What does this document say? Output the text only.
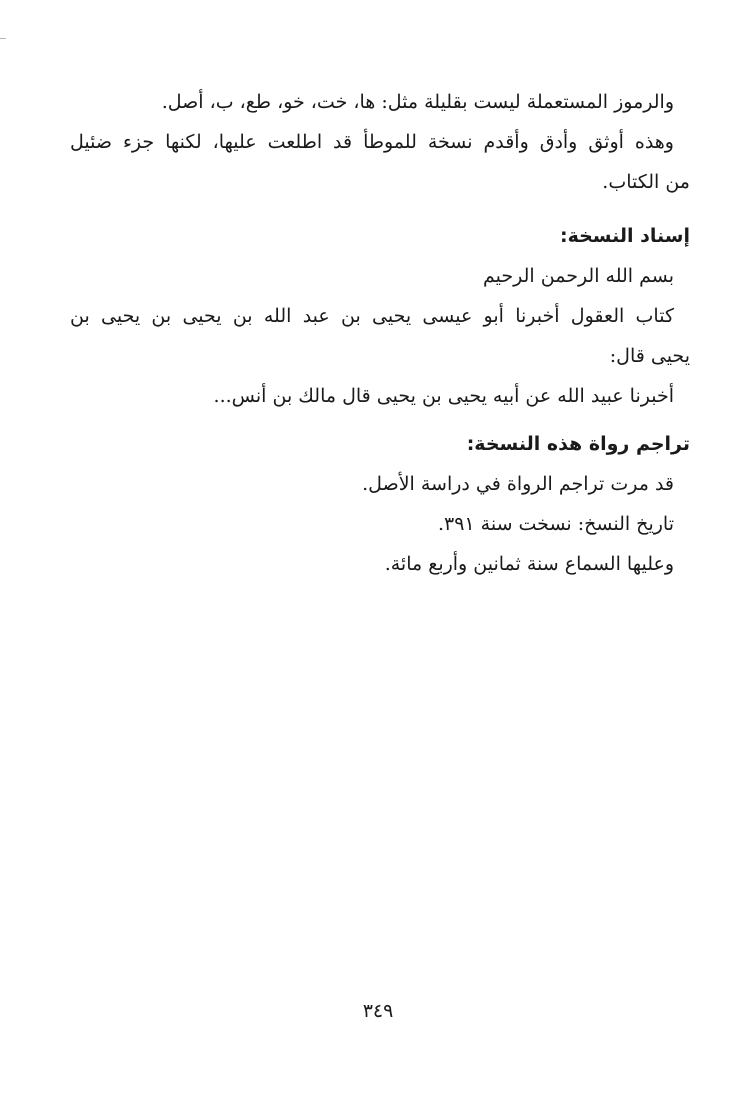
والرموز المستعملة ليست بقليلة مثل: ها، خت، خو، طع، ب، أصل.
وهذه أوثق وأدق وأقدم نسخة للموطأ قد اطلعت عليها، لكنها جزء ضئيل
من الكتاب.
إسناد النسخة:
بسم الله الرحمن الرحيم
كتاب العقول أخبرنا أبو عيسى يحيى بن عبد الله بن يحيى بن يحيى بن
يحيى قال:
أخبرنا عبيد الله عن أبيه يحيى بن يحيى قال مالك بن أنس...
تراجم رواة هذه النسخة:
قد مرت تراجم الرواة في دراسة الأصل.
تاريخ النسخ: نسخت سنة ٣٩١.
وعليها السماع سنة ثمانين وأربع مائة.
٣٤٩
